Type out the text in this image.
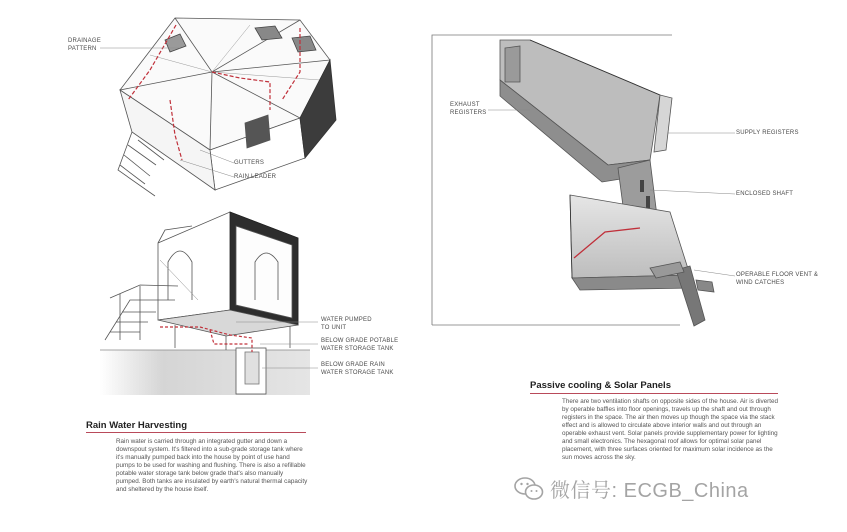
DRAINAGE
PATTERN
GUTTERS
RAIN LEADER
EXHAUST
REGISTERS
SUPPLY REGISTERS
ENCLOSED SHAFT
OPERABLE FLOOR VENT &
WIND CATCHES
WATER PUMPED
TO UNIT
BELOW GRADE POTABLE
WATER STORAGE TANK
BELOW GRADE RAIN
WATER STORAGE TANK
Rain Water Harvesting
Rain water is carried through an integrated gutter and down a downspout system. It's filtered into a sub-grade storage tank where it's manually pumped back into the house by point of use hand pumps to be used for washing and flushing. There is also a refillable potable water storage tank below grade that's also manually pumped. Both tanks are insulated by earth's natural thermal capacity and sheltered by the house itself.
Passive cooling & Solar Panels
There are two ventilation shafts on opposite sides of the house. Air is diverted by operable baffles into floor openings, travels up the shaft and out through registers in the space. The air then moves up though the space via the stack effect and is allowed to circulate above interior walls and out through an operable exhaust vent. Solar panels provide supplementary power for lighting and small electronics. The hexagonal roof allows for optimal solar panel placement, with three surfaces oriented for maximum solar incidence as the sun moves across the sky.
微信号: ECGB_China
